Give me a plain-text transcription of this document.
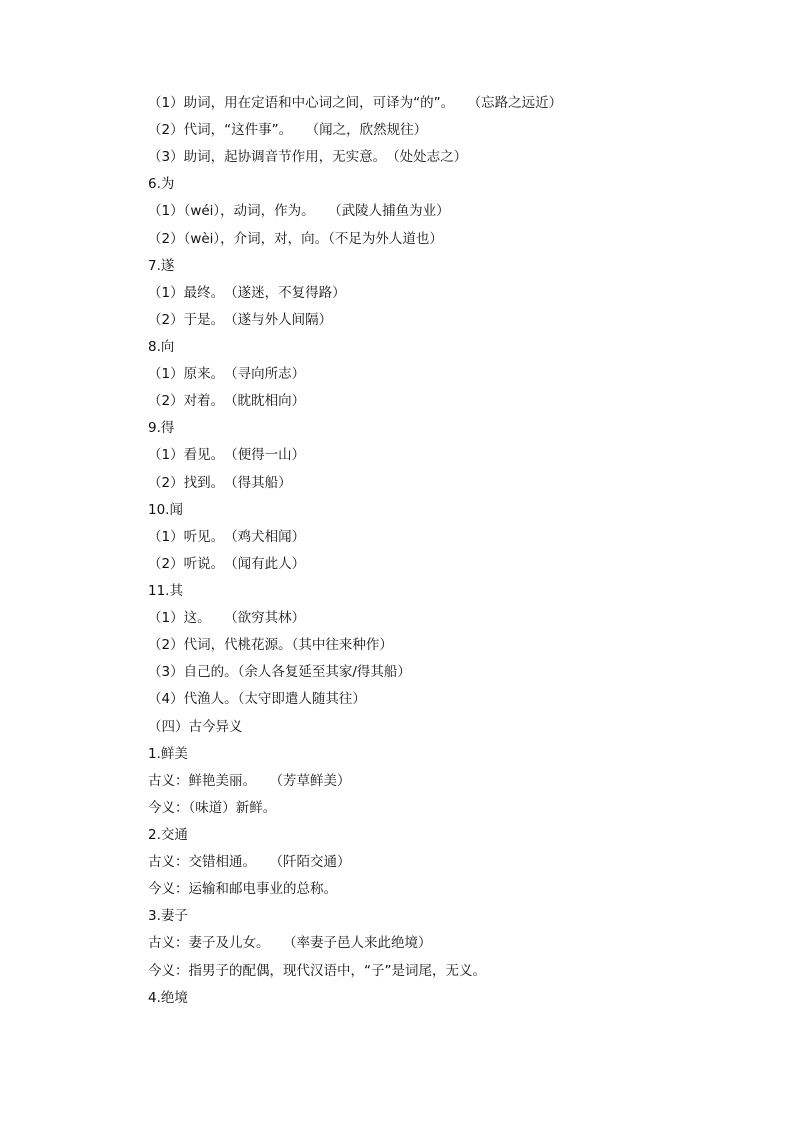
（1）助词，用在定语和中心词之间，可译为“的”。　　（忘路之远近）
（2）代词，“这件事”。　　（闻之，欣然规往）
（3）助词，起协调音节作用，无实意。　（处处志之）
6.为
（1）（wéi），动词，作为。　　（武陵人捕鱼为业）
（2）（wèi），介词，对，向。（不足为外人道也）
7.遂
（1）最终。　（遂迷，不复得路）
（2）于是。　（遂与外人间隔）
8.向
（1）原来。　（寻向所志）
（2）对着。　（眈眈相向）
9.得
（1）看见。　（便得一山）
（2）找到。　（得其船）
10.闻
（1）听见。　（鸡犬相闻）
（2）听说。　（闻有此人）
11.其
（1）这。　　（欲穷其林）
（2）代词，代桃花源。（其中往来种作）
（3）自己的。（余人各复延至其家/得其船）
（4）代渔人。（太守即遣人随其往）
（四）古今异义
1.鲜美
古义：鲜艳美丽。　　（芳草鲜美）
今义：（味道）新鲜。
2.交通
古义：交错相通。　　（阡陌交通）
今义：运输和邮电事业的总称。
3.妻子
古义：妻子及儿女。　　（率妻子邑人来此绝境）
今义：指男子的配偶，现代汉语中，“子”是词尾，无义。
4.绝境
